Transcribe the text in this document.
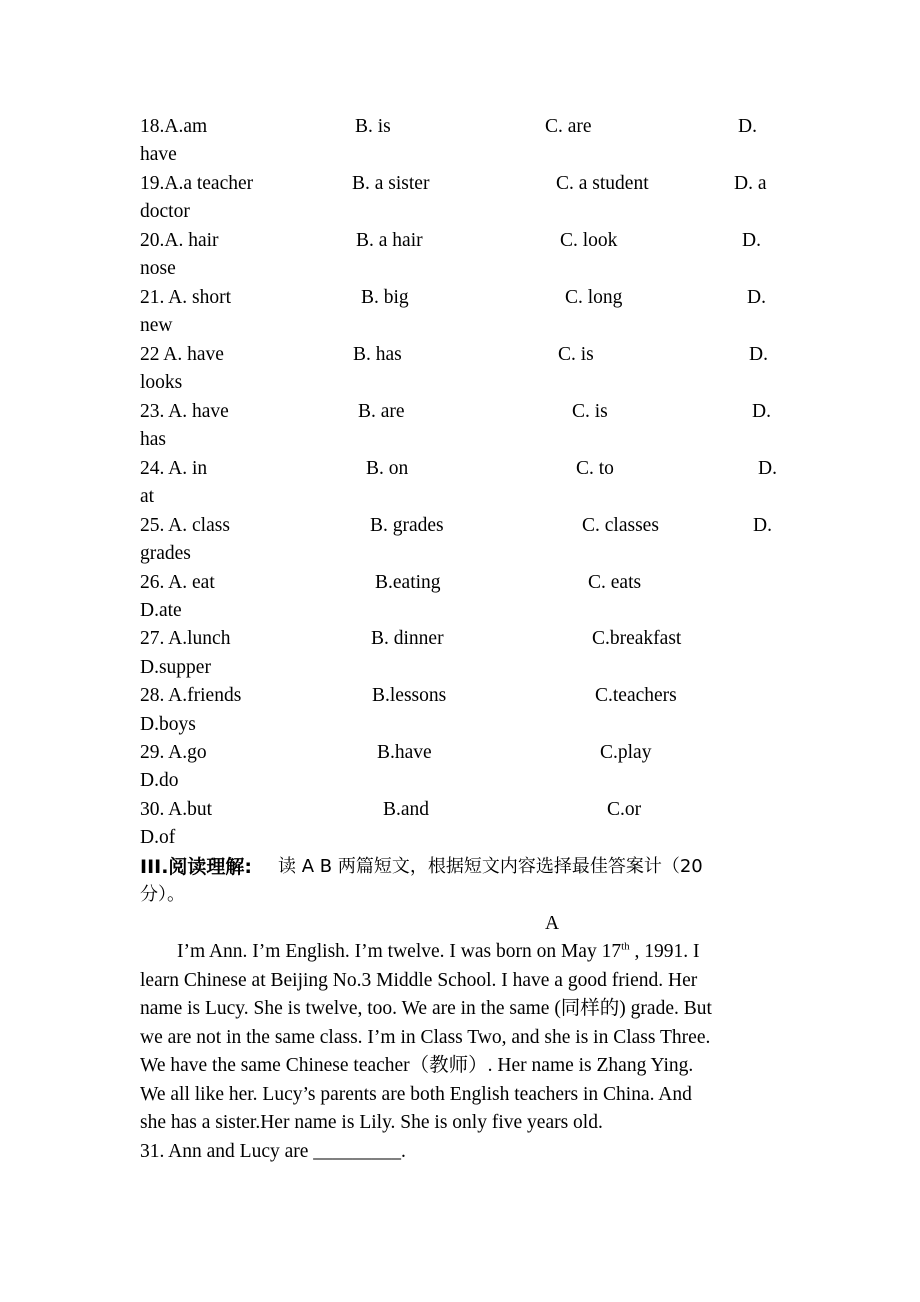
18.A.am	B. is	C. are	D.
have
19.A.a teacher	B. a sister	C. a student	D. a
doctor
20.A. hair	B. a hair	C. look	D.
nose
21. A. short	B. big	C. long	D.
new
22 A. have	B. has	C. is	D.
looks
23. A. have	B. are	C. is	D.
has
24. A. in	B. on	C. to	D.
at
25. A. class	B. grades	C. classes	D.
grades
26. A. eat	B.eating	C. eats
D.ate
27. A.lunch	B. dinner	C.breakfast
D.supper
28. A.friends	B.lessons	C.teachers
D.boys
29. A.go	B.have	C.play
D.do
30. A.but	B.and	C.or
D.of
III.阅读理解: 读 A B 两篇短文，根据短文内容选择最佳答案计（20
分）。
A
I’m Ann. I’m English. I’m twelve. I was born on May 17th , 1991. I
learn Chinese at Beijing No.3 Middle School. I have a good friend. Her
name is Lucy. She is twelve, too. We are in the same (同样的) grade. But
we are not in the same class. I’m in Class Two, and she is in Class Three.
We have the same Chinese teacher（教师）. Her name is Zhang Ying.
We all like her. Lucy’s parents are both English teachers in China. And
she has a sister.Her name is Lily. She is only five years old.
31. Ann and Lucy are _________.
